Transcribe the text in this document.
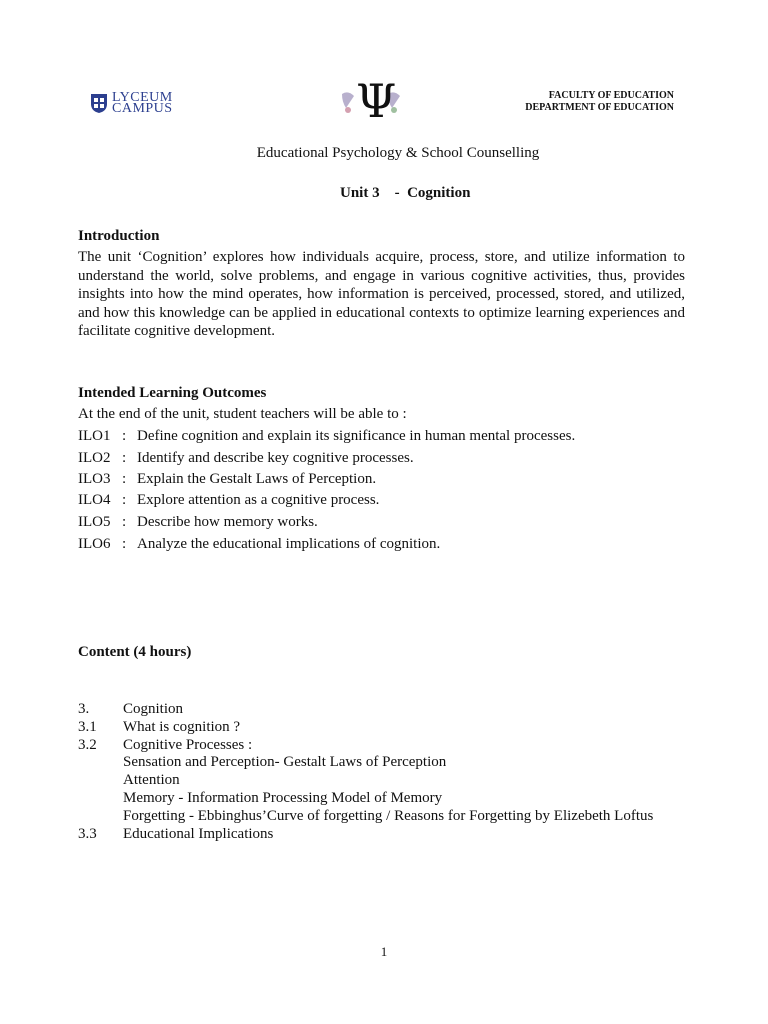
LYCEUM
CAMPUS	Ψ	FACULTY OF EDUCATION
DEPARTMENT OF EDUCATION
Educational Psychology & School Counselling
Unit 3    -  Cognition
Introduction
The unit ‘Cognition’ explores how individuals acquire, process, store, and utilize information to understand the world, solve problems, and engage in various cognitive activities, thus, provides insights into how the mind operates, how information is perceived, processed, stored, and utilized, and how this knowledge can be applied in educational contexts to optimize learning experiences and facilitate cognitive development.
Intended Learning Outcomes
At the end of the unit, student teachers will be able to :
ILO1 : Define cognition and explain its significance in human mental processes.
ILO2 : Identify and describe key cognitive processes.
ILO3 : Explain the Gestalt Laws of Perception.
ILO4 : Explore attention as a cognitive process.
ILO5 : Describe how memory works.
ILO6 : Analyze the educational implications of cognition.
Content (4 hours)
3. Cognition
3.1 What is cognition ?
3.2 Cognitive Processes :
Sensation and Perception- Gestalt Laws of Perception
Attention
Memory - Information Processing Model of Memory
Forgetting - Ebbinghus’Curve of forgetting / Reasons for Forgetting by Elizebeth Loftus
3.3 Educational Implications
1
